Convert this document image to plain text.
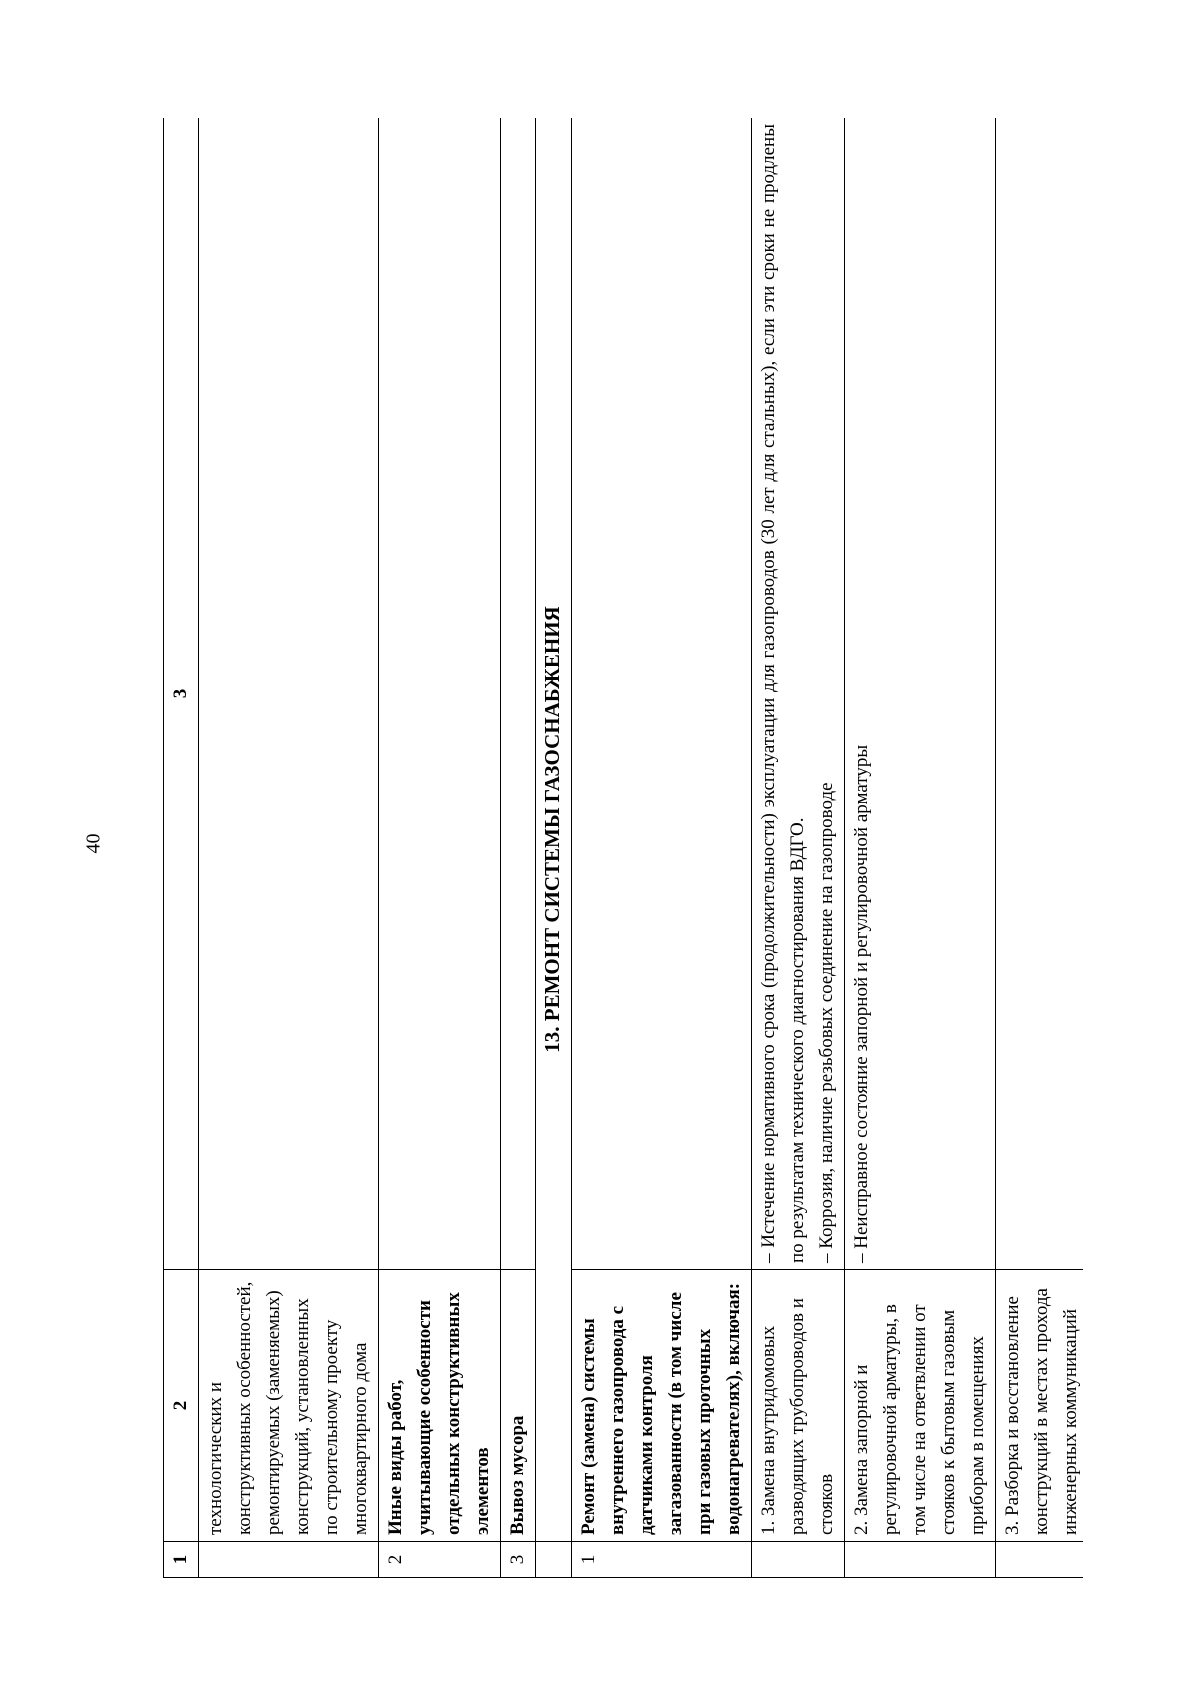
40
1	2	3
	технологических и конструктивных особенностей, ремонтируемых (заменяемых) конструкций, установленных по строительному проекту многоквартирного дома	
2	Иные виды работ, учитывающие особенности отдельных конструктивных элементов	
3	Вывоз мусора	
	13. РЕМОНТ СИСТЕМЫ ГАЗОСНАБЖЕНИЯ	
1	Ремонт (замена) системы внутреннего газопровода с датчиками контроля загазованности (в том числе при газовых проточных водонагревателях), включая:	
	1. Замена внутридомовых разводящих трубопроводов и стояков	– Истечение нормативного срока (продолжительности) эксплуатации для газопроводов (30 лет для стальных), если эти сроки не продлены по результатам технического диагностирования ВДГО. – Коррозия, наличие резьбовых соединение на газопроводе

	2. Замена запорной и регулировочной арматуры, в том числе на ответвлении от стояков к бытовым газовым приборам в помещениях	– Неисправное состояние запорной и регулировочной арматуры

	3. Разборка и восстановление конструкций в местах прохода инженерных коммуникаций	
